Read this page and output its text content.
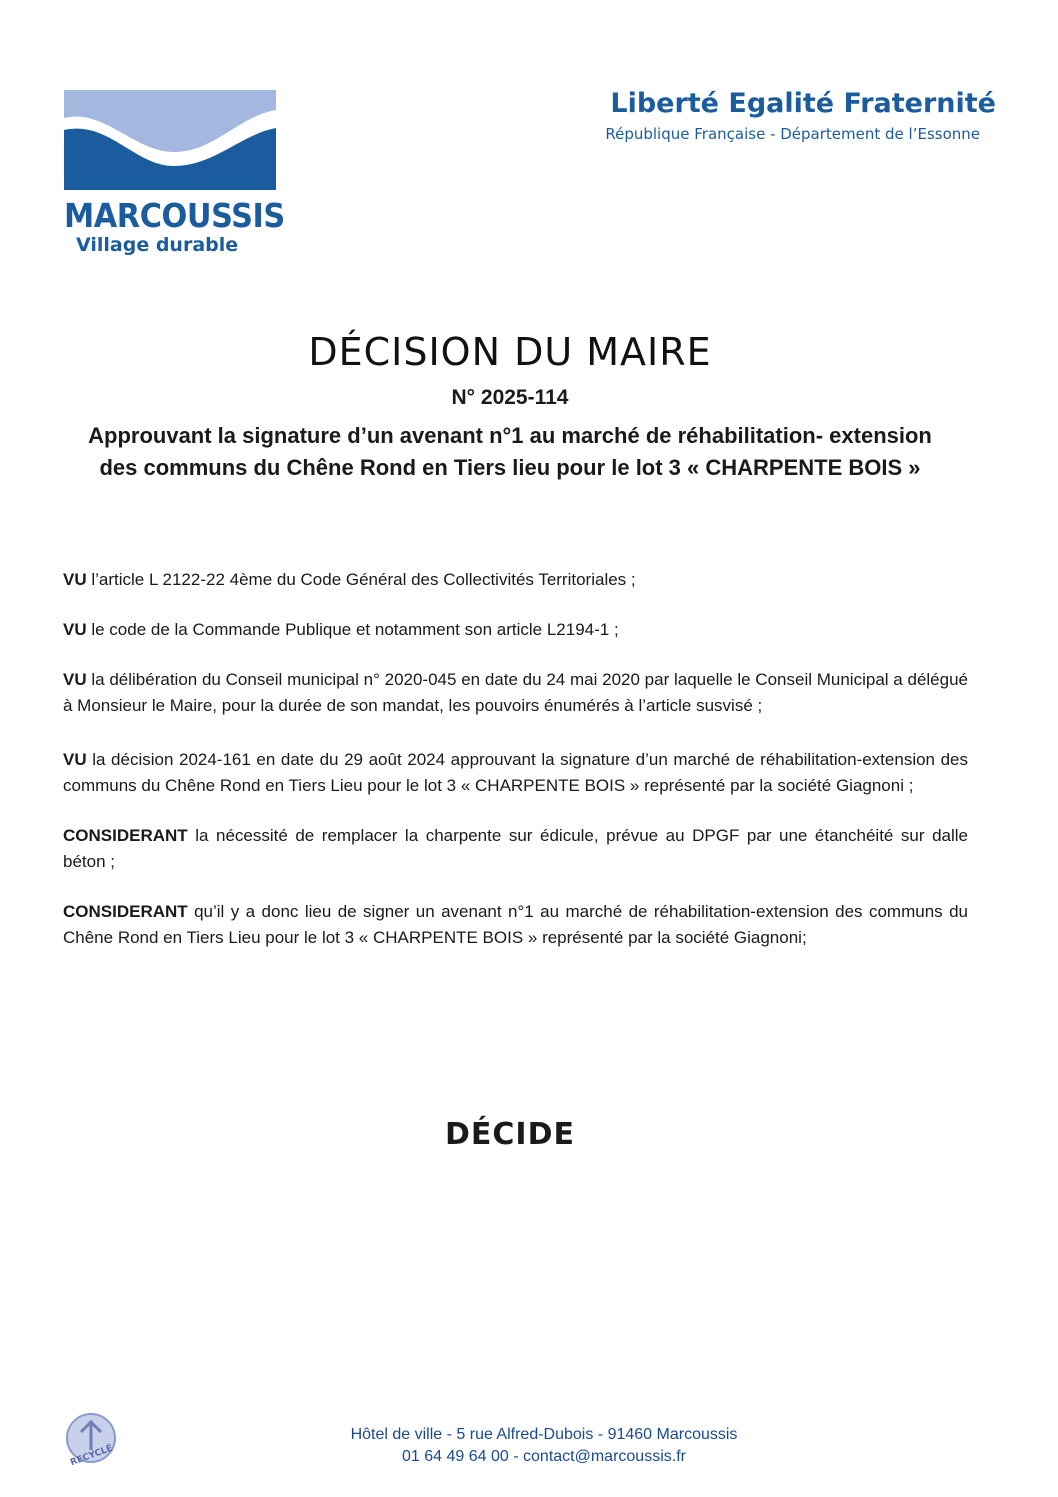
MARCOUSSIS
Village durable
Liberté Egalité Fraternité
République Française - Département de l’Essonne
DÉCISION DU MAIRE
N° 2025-114
Approuvant la signature d’un avenant n°1 au marché de réhabilitation- extension
des communs du Chêne Rond en Tiers lieu pour le lot 3 « CHARPENTE BOIS »

VU l’article L 2122-22 4ème du Code Général des Collectivités Territoriales ;

VU le code de la Commande Publique et notamment son article L2194-1 ;

VU la délibération du Conseil municipal n° 2020-045 en date du 24 mai 2020 par laquelle le Conseil Municipal a délégué à Monsieur le Maire, pour la durée de son mandat, les pouvoirs énumérés à l’article susvisé ;

VU la décision 2024-161 en date du 29 août 2024 approuvant la signature d’un marché de réhabilitation-extension des communs du Chêne Rond en Tiers Lieu pour le lot 3 « CHARPENTE BOIS » représenté par la société Giagnoni ;

CONSIDERANT la nécessité de remplacer la charpente sur édicule, prévue au DPGF par une étanchéité sur dalle béton ;

CONSIDERANT qu’il y a donc lieu de signer un avenant n°1 au marché de réhabilitation-extension des communs du Chêne Rond en Tiers Lieu pour le lot 3 « CHARPENTE BOIS » représenté par la société Giagnoni;

DÉCIDE
RECYCLÉ
Hôtel de ville - 5 rue Alfred-Dubois - 91460 Marcoussis
01 64 49 64 00 - contact@marcoussis.fr
